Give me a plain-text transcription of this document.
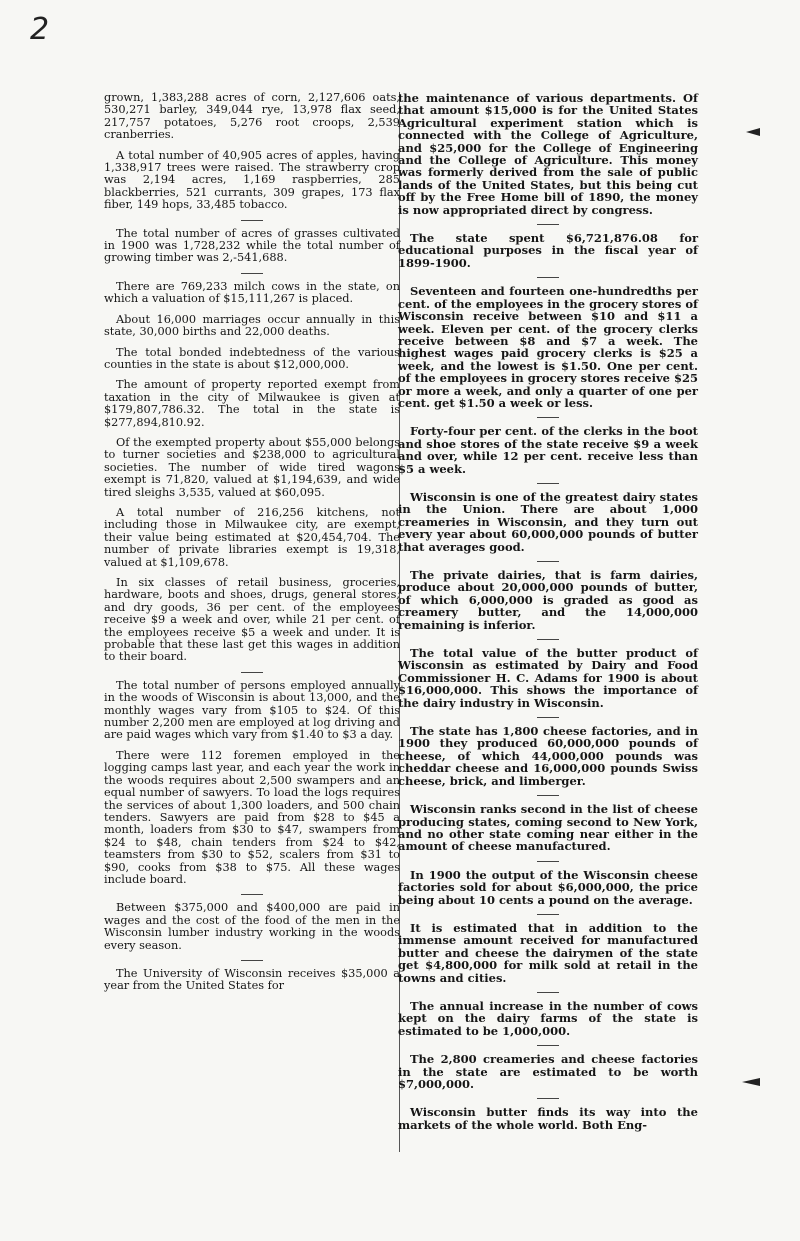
2

grown, 1,383,288 acres of corn, 2,127,606 oats, 530,271 barley, 349,044 rye, 13,978 flax seed, 217,757 potatoes, 5,276 root croops, 2,539 cranberries.

A total number of 40,905 acres of apples, having 1,338,917 trees were raised. The strawberry crop was 2,194 acres, 1,169 raspberries, 285 blackberries, 521 currants, 309 grapes, 173 flax fiber, 149 hops, 33,485 tobacco.

The total number of acres of grasses cultivated in 1900 was 1,728,232 while the total number of growing timber was 2,-541,688.

There are 769,233 milch cows in the state, on which a valuation of $15,111,267 is placed.

About 16,000 marriages occur annually in this state, 30,000 births and 22,000 deaths.

The total bonded indebtedness of the various counties in the state is about $12,000,000.

The amount of property reported exempt from taxation in the city of Milwaukee is given at $179,807,786.32. The total in the state is $277,894,810.92.

Of the exempted property about $55,000 belongs to turner societies and $238,000 to agricultural societies. The number of wide tired wagons exempt is 71,820, valued at $1,194,639, and wide tired sleighs 3,535, valued at $60,095.

A total number of 216,256 kitchens, not including those in Milwaukee city, are exempt, their value being estimated at $20,454,704. The number of private libraries exempt is 19,318, valued at $1,109,678.

In six classes of retail business, groceries, hardware, boots and shoes, drugs, general stores, and dry goods, 36 per cent. of the employees receive $9 a week and over, while 21 per cent. of the employees receive $5 a week and under. It is probable that these last get this wages in addition to their board.

The total number of persons employed annually in the woods of Wisconsin is about 13,000, and the monthly wages vary from $105 to $24. Of this number 2,200 men are employed at log driving and are paid wages which vary from $1.40 to $3 a day.

There were 112 foremen employed in the logging camps last year, and each year the work in the woods requires about 2,500 swampers and an equal number of sawyers. To load the logs requires the services of about 1,300 loaders, and 500 chain tenders. Sawyers are paid from $28 to $45 a month, loaders from $30 to $47, swampers from $24 to $48, chain tenders from $24 to $42, teamsters from $30 to $52, scalers from $31 to $90, cooks from $38 to $75. All these wages include board.

Between $375,000 and $400,000 are paid in wages and the cost of the food of the men in the Wisconsin lumber industry working in the woods every season.

The University of Wisconsin receives $35,000 a year from the United States for

the maintenance of various departments. Of that amount $15,000 is for the United States Agricultural experiment station which is connected with the College of Agriculture, and $25,000 for the College of Engineering and the College of Agriculture. This money was formerly derived from the sale of public lands of the United States, but this being cut off by the Free Home bill of 1890, the money is now appropriated direct by congress.

The state spent $6,721,876.08 for educational purposes in the fiscal year of 1899-1900.

Seventeen and fourteen one-hundredths per cent. of the employees in the grocery stores of Wisconsin receive between $10 and $11 a week. Eleven per cent. of the grocery clerks receive between $8 and $7 a week. The highest wages paid grocery clerks is $25 a week, and the lowest is $1.50. One per cent. of the employees in grocery stores receive $25 or more a week, and only a quarter of one per cent. get $1.50 a week or less.

Forty-four per cent. of the clerks in the boot and shoe stores of the state receive $9 a week and over, while 12 per cent. receive less than $5 a week.

Wisconsin is one of the greatest dairy states in the Union. There are about 1,000 creameries in Wisconsin, and they turn out every year about 60,000,000 pounds of butter that averages good.

The private dairies, that is farm dairies, produce about 20,000,000 pounds of butter, of which 6,000,000 is graded as good as creamery butter, and the 14,000,000 remaining is inferior.

The total value of the butter product of Wisconsin as estimated by Dairy and Food Commissioner H. C. Adams for 1900 is about $16,000,000. This shows the importance of the dairy industry in Wisconsin.

The state has 1,800 cheese factories, and in 1900 they produced 60,000,000 pounds of cheese, of which 44,000,000 pounds was cheddar cheese and 16,000,000 pounds Swiss cheese, brick, and limberger.

Wisconsin ranks second in the list of cheese producing states, coming second to New York, and no other state coming near either in the amount of cheese manufactured.

In 1900 the output of the Wisconsin cheese factories sold for about $6,000,000, the price being about 10 cents a pound on the average.

It is estimated that in addition to the immense amount received for manufactured butter and cheese the dairymen of the state get $4,800,000 for milk sold at retail in the towns and cities.

The annual increase in the number of cows kept on the dairy farms of the state is estimated to be 1,000,000.

The 2,800 creameries and cheese factories in the state are estimated to be worth $7,000,000.

Wisconsin butter finds its way into the markets of the whole world. Both Eng-
